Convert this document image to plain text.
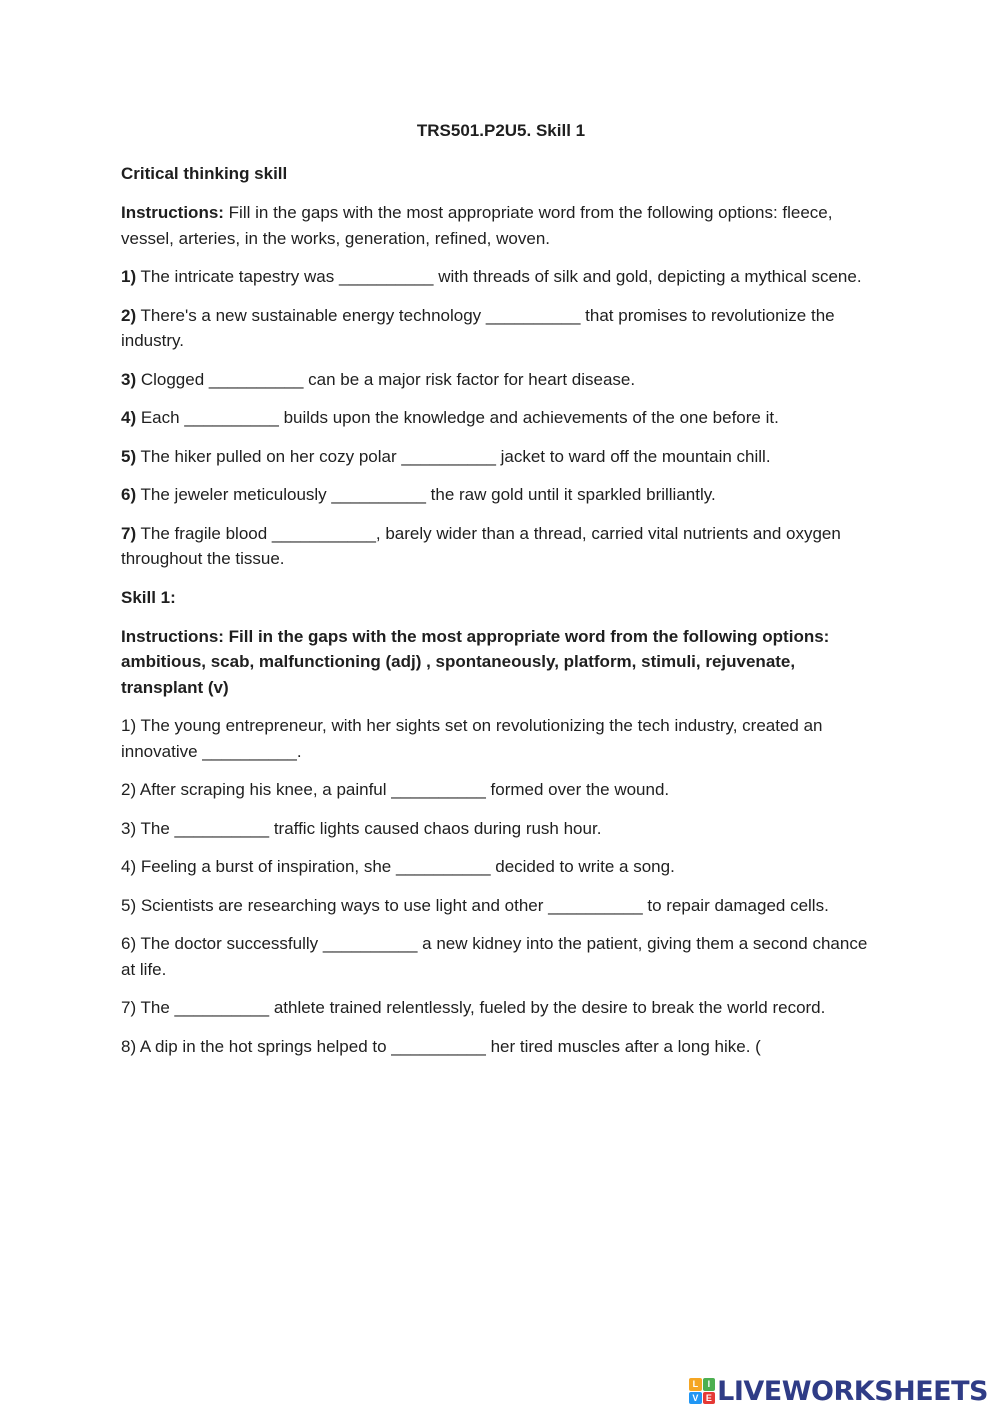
TRS501.P2U5. Skill 1
Critical thinking skill
Instructions: Fill in the gaps with the most appropriate word from the following options: fleece, vessel, arteries, in the works, generation, refined, woven.
1) The intricate tapestry was __________ with threads of silk and gold, depicting a mythical scene.
2) There's a new sustainable energy technology __________ that promises to revolutionize the industry.
3) Clogged __________ can be a major risk factor for heart disease.
4) Each __________ builds upon the knowledge and achievements of the one before it.
5) The hiker pulled on her cozy polar __________ jacket to ward off the mountain chill.
6) The jeweler meticulously __________ the raw gold until it sparkled brilliantly.
7) The fragile blood ___________, barely wider than a thread, carried vital nutrients and oxygen throughout the tissue.
Skill 1:
Instructions: Fill in the gaps with the most appropriate word from the following options: ambitious, scab, malfunctioning (adj) , spontaneously, platform, stimuli, rejuvenate, transplant (v)
1) The young entrepreneur, with her sights set on revolutionizing the tech industry, created an innovative __________.
2) After scraping his knee, a painful __________ formed over the wound.
3) The __________ traffic lights caused chaos during rush hour.
4) Feeling a burst of inspiration, she __________ decided to write a song.
5) Scientists are researching ways to use light and other __________ to repair damaged cells.
6) The doctor successfully __________ a new kidney into the patient, giving them a second chance at life.
7) The __________ athlete trained relentlessly, fueled by the desire to break the world record.
8) A dip in the hot springs helped to __________ her tired muscles after a long hike. (
L	I
V E LIVEWORKSHEETS
